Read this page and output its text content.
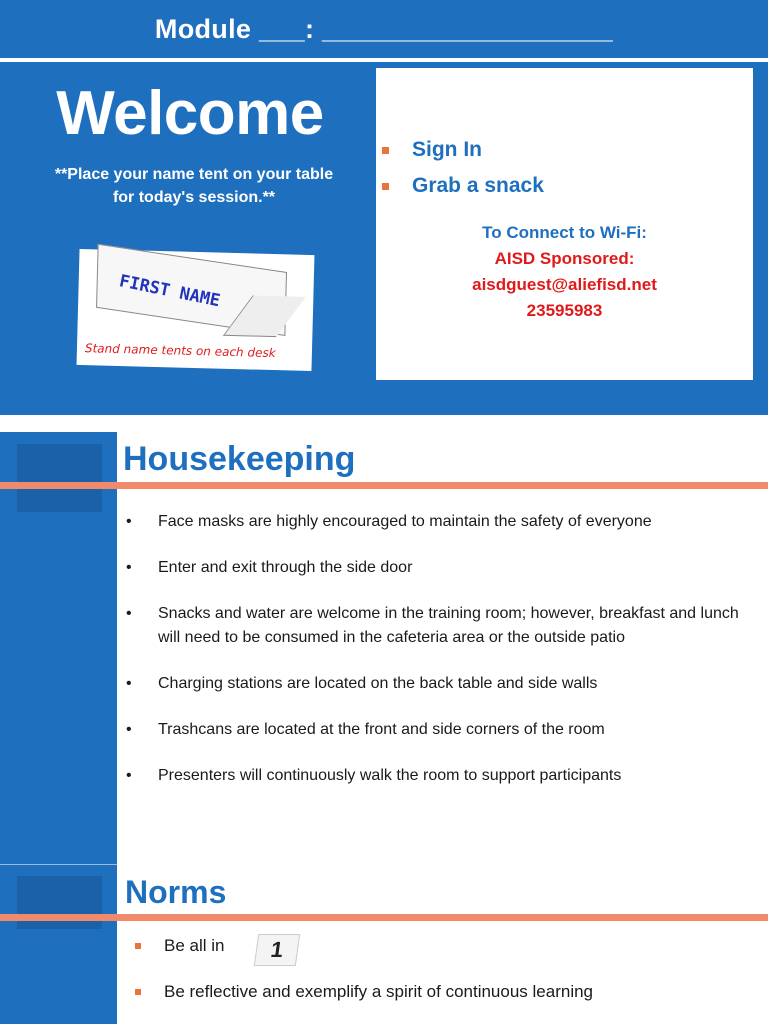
Module ___: ___________________
Welcome
**Place your name tent on your table
for today's session.**
FIRST NAME
Stand name tents on each desk
Sign In
Grab a snack
To Connect to Wi-Fi:
AISD Sponsored:
aisdguest@aliefisd.net
23595983
Housekeeping
• Face masks are highly encouraged to maintain the safety of everyone
• Enter and exit through the side door
• Snacks and water are welcome in the training room; however, breakfast and lunch will need to be consumed in the cafeteria area or the outside patio
• Charging stations are located on the back table and side walls
• Trashcans are located at the front and side corners of the room
• Presenters will continuously walk the room to support participants
Norms
Be all in	1
Be reflective and exemplify a spirit of continuous learning
